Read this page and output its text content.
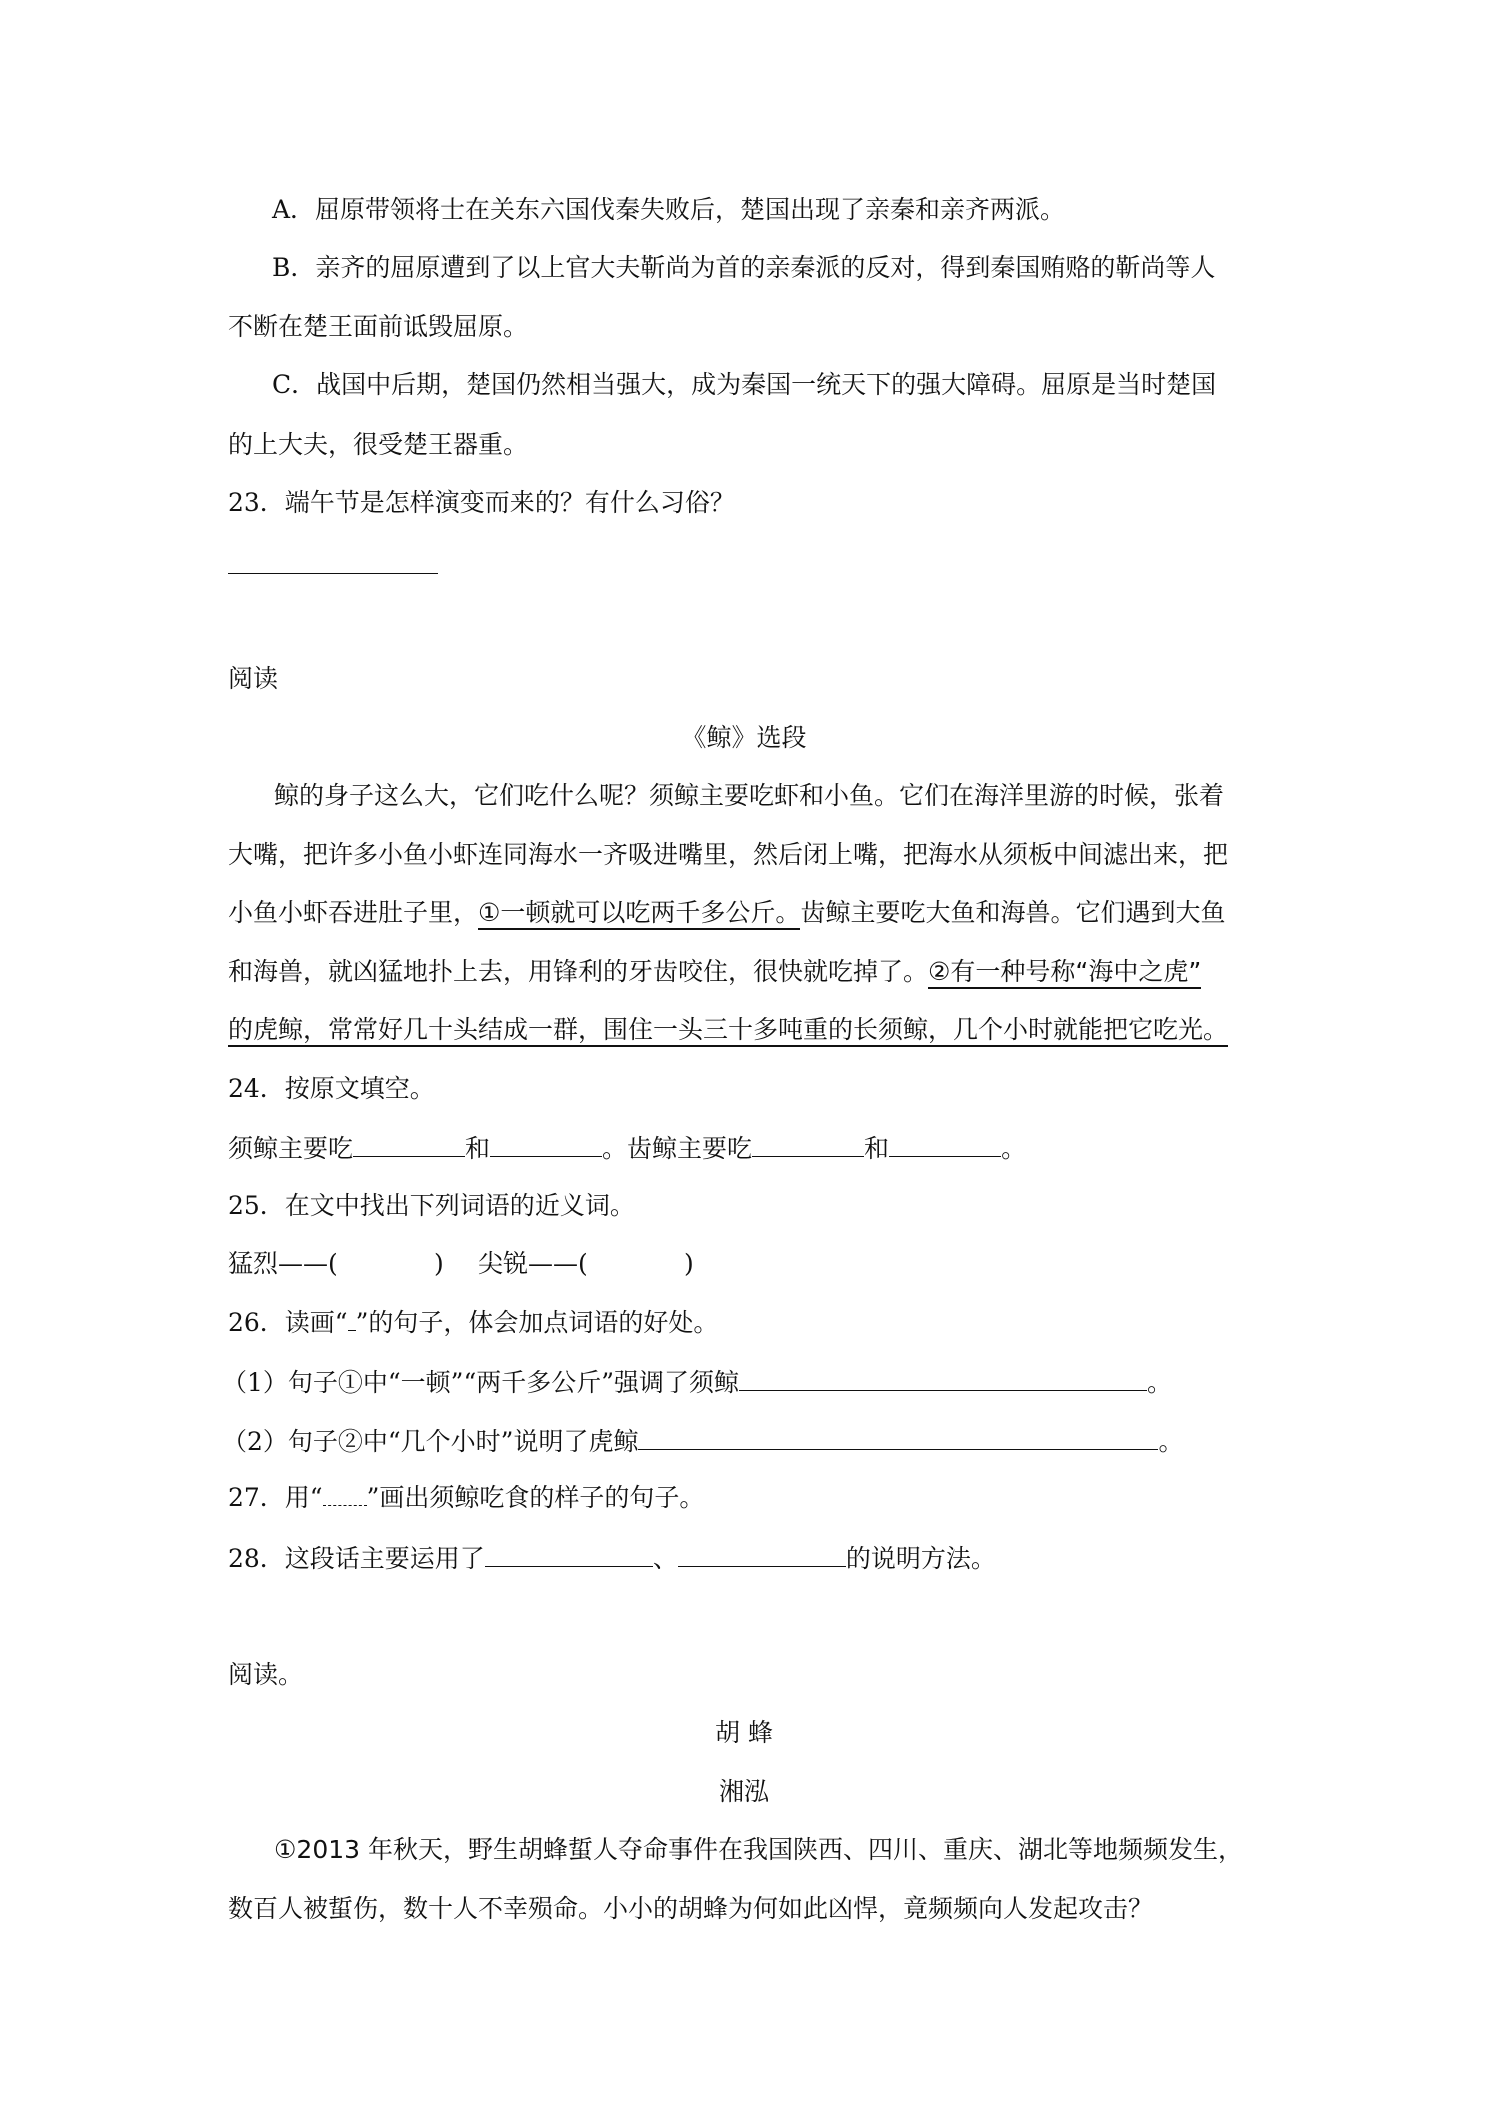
A．屈原带领将士在关东六国伐秦失败后，楚国出现了亲秦和亲齐两派。
B．亲齐的屈原遭到了以上官大夫靳尚为首的亲秦派的反对，得到秦国贿赂的靳尚等人
不断在楚王面前诋毁屈原。
C．战国中后期，楚国仍然相当强大，成为秦国一统天下的强大障碍。屈原是当时楚国
的上大夫，很受楚王器重。
23．端午节是怎样演变而来的？有什么习俗？
阅读
《鲸》选段
鲸的身子这么大，它们吃什么呢？须鲸主要吃虾和小鱼。它们在海洋里游的时候，张着
大嘴，把许多小鱼小虾连同海水一齐吸进嘴里，然后闭上嘴，把海水从须板中间滤出来，把
小鱼小虾吞进肚子里，①一顿就可以吃两千多公斤。齿鲸主要吃大鱼和海兽。它们遇到大鱼
和海兽，就凶猛地扑上去，用锋利的牙齿咬住，很快就吃掉了。②有一种号称“海中之虎”
的虎鲸，常常好几十头结成一群，围住一头三十多吨重的长须鲸，几个小时就能把它吃光。
24．按原文填空。
须鲸主要吃	和	。齿鲸主要吃	和	。
25．在文中找出下列词语的近义词。
猛烈——(	) 尖锐——(	)
26．读画“ ”的句子，体会加点词语的好处。
（1）句子①中“一顿”“两千多公斤”强调了须鲸	。
（2）句子②中“几个小时”说明了虎鲸	。
27．用“ ”画出须鲸吃食的样子的句子。
28．这段话主要运用了	、	的说明方法。
阅读。
胡 蜂
湘泓
①2013 年秋天，野生胡蜂蜇人夺命事件在我国陕西、四川、重庆、湖北等地频频发生，
数百人被蜇伤，数十人不幸殒命。小小的胡蜂为何如此凶悍，竟频频向人发起攻击？
